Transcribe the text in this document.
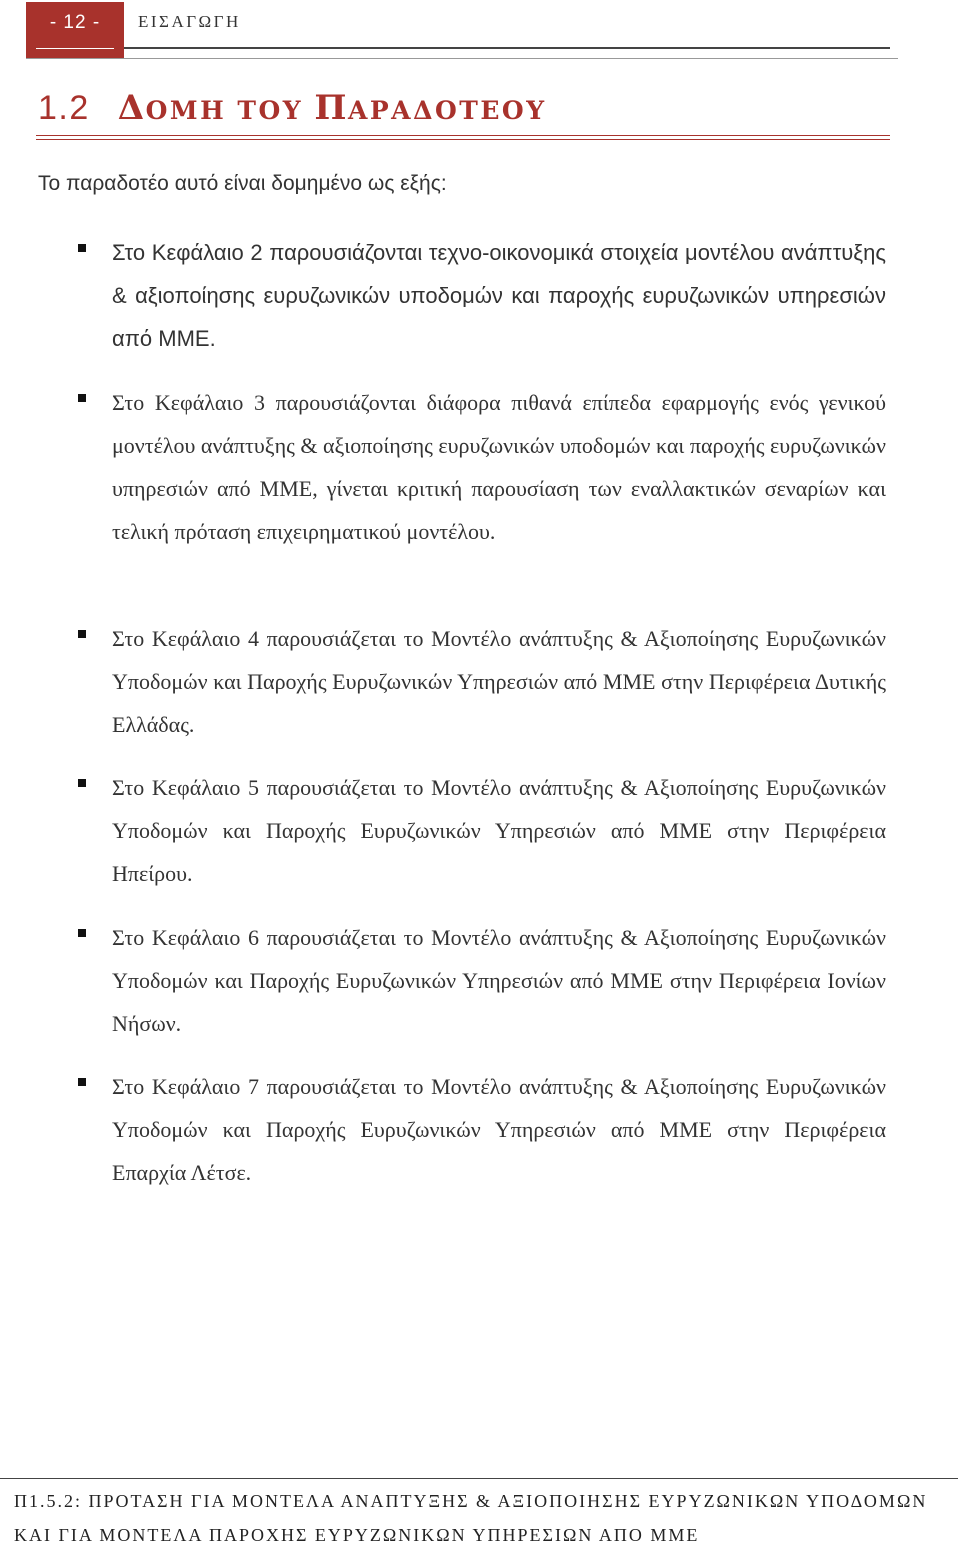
- 12 -	ΕΙΣΑΓΩΓΗ
1.2 ΔΟΜΗ ΤΟΥ ΠΑΡΑΔΟΤΕΟΥ
Το παραδοτέο αυτό είναι δομημένο ως εξής:
Στο Κεφάλαιο 2 παρουσιάζονται τεχνο-οικονομικά στοιχεία μοντέλου ανάπτυξης & αξιοποίησης ευρυζωνικών υποδομών και παροχής ευρυζωνικών υπηρεσιών από ΜΜΕ.
Στο Κεφάλαιο 3 παρουσιάζονται διάφορα πιθανά επίπεδα εφαρμογής ενός γενικού μοντέλου ανάπτυξης & αξιοποίησης ευρυζωνικών υποδομών και παροχής ευρυζωνικών υπηρεσιών από ΜΜΕ, γίνεται κριτική παρουσίαση των εναλλακτικών σεναρίων και τελική πρόταση επιχειρηματικού μοντέλου.
Στο Κεφάλαιο 4 παρουσιάζεται το Μοντέλο ανάπτυξης & Αξιοποίησης Ευρυζωνικών Υποδομών και Παροχής Ευρυζωνικών Υπηρεσιών από ΜΜΕ στην Περιφέρεια Δυτικής Ελλάδας.
Στο Κεφάλαιο 5 παρουσιάζεται το Μοντέλο ανάπτυξης & Αξιοποίησης Ευρυζωνικών Υποδομών και Παροχής Ευρυζωνικών Υπηρεσιών από ΜΜΕ στην Περιφέρεια Ηπείρου.
Στο Κεφάλαιο 6 παρουσιάζεται το Μοντέλο ανάπτυξης & Αξιοποίησης Ευρυζωνικών Υποδομών και Παροχής Ευρυζωνικών Υπηρεσιών από ΜΜΕ στην Περιφέρεια Ιονίων Νήσων.
Στο Κεφάλαιο 7 παρουσιάζεται το Μοντέλο ανάπτυξης & Αξιοποίησης Ευρυζωνικών Υποδομών και Παροχής Ευρυζωνικών Υπηρεσιών από ΜΜΕ στην Περιφέρεια Επαρχία Λέτσε.
Π1.5.2: ΠΡΟΤΑΣΗ ΓΙΑ ΜΟΝΤΕΛΑ ΑΝΑΠΤΥΞΗΣ & ΑΞΙΟΠΟΙΗΣΗΣ ΕΥΡΥΖΩΝΙΚΩΝ ΥΠΟΔΟΜΩΝ ΚΑΙ ΓΙΑ ΜΟΝΤΕΛΑ ΠΑΡΟΧΗΣ ΕΥΡΥΖΩΝΙΚΩΝ ΥΠΗΡΕΣΙΩΝ ΑΠΟ ΜΜΕ
